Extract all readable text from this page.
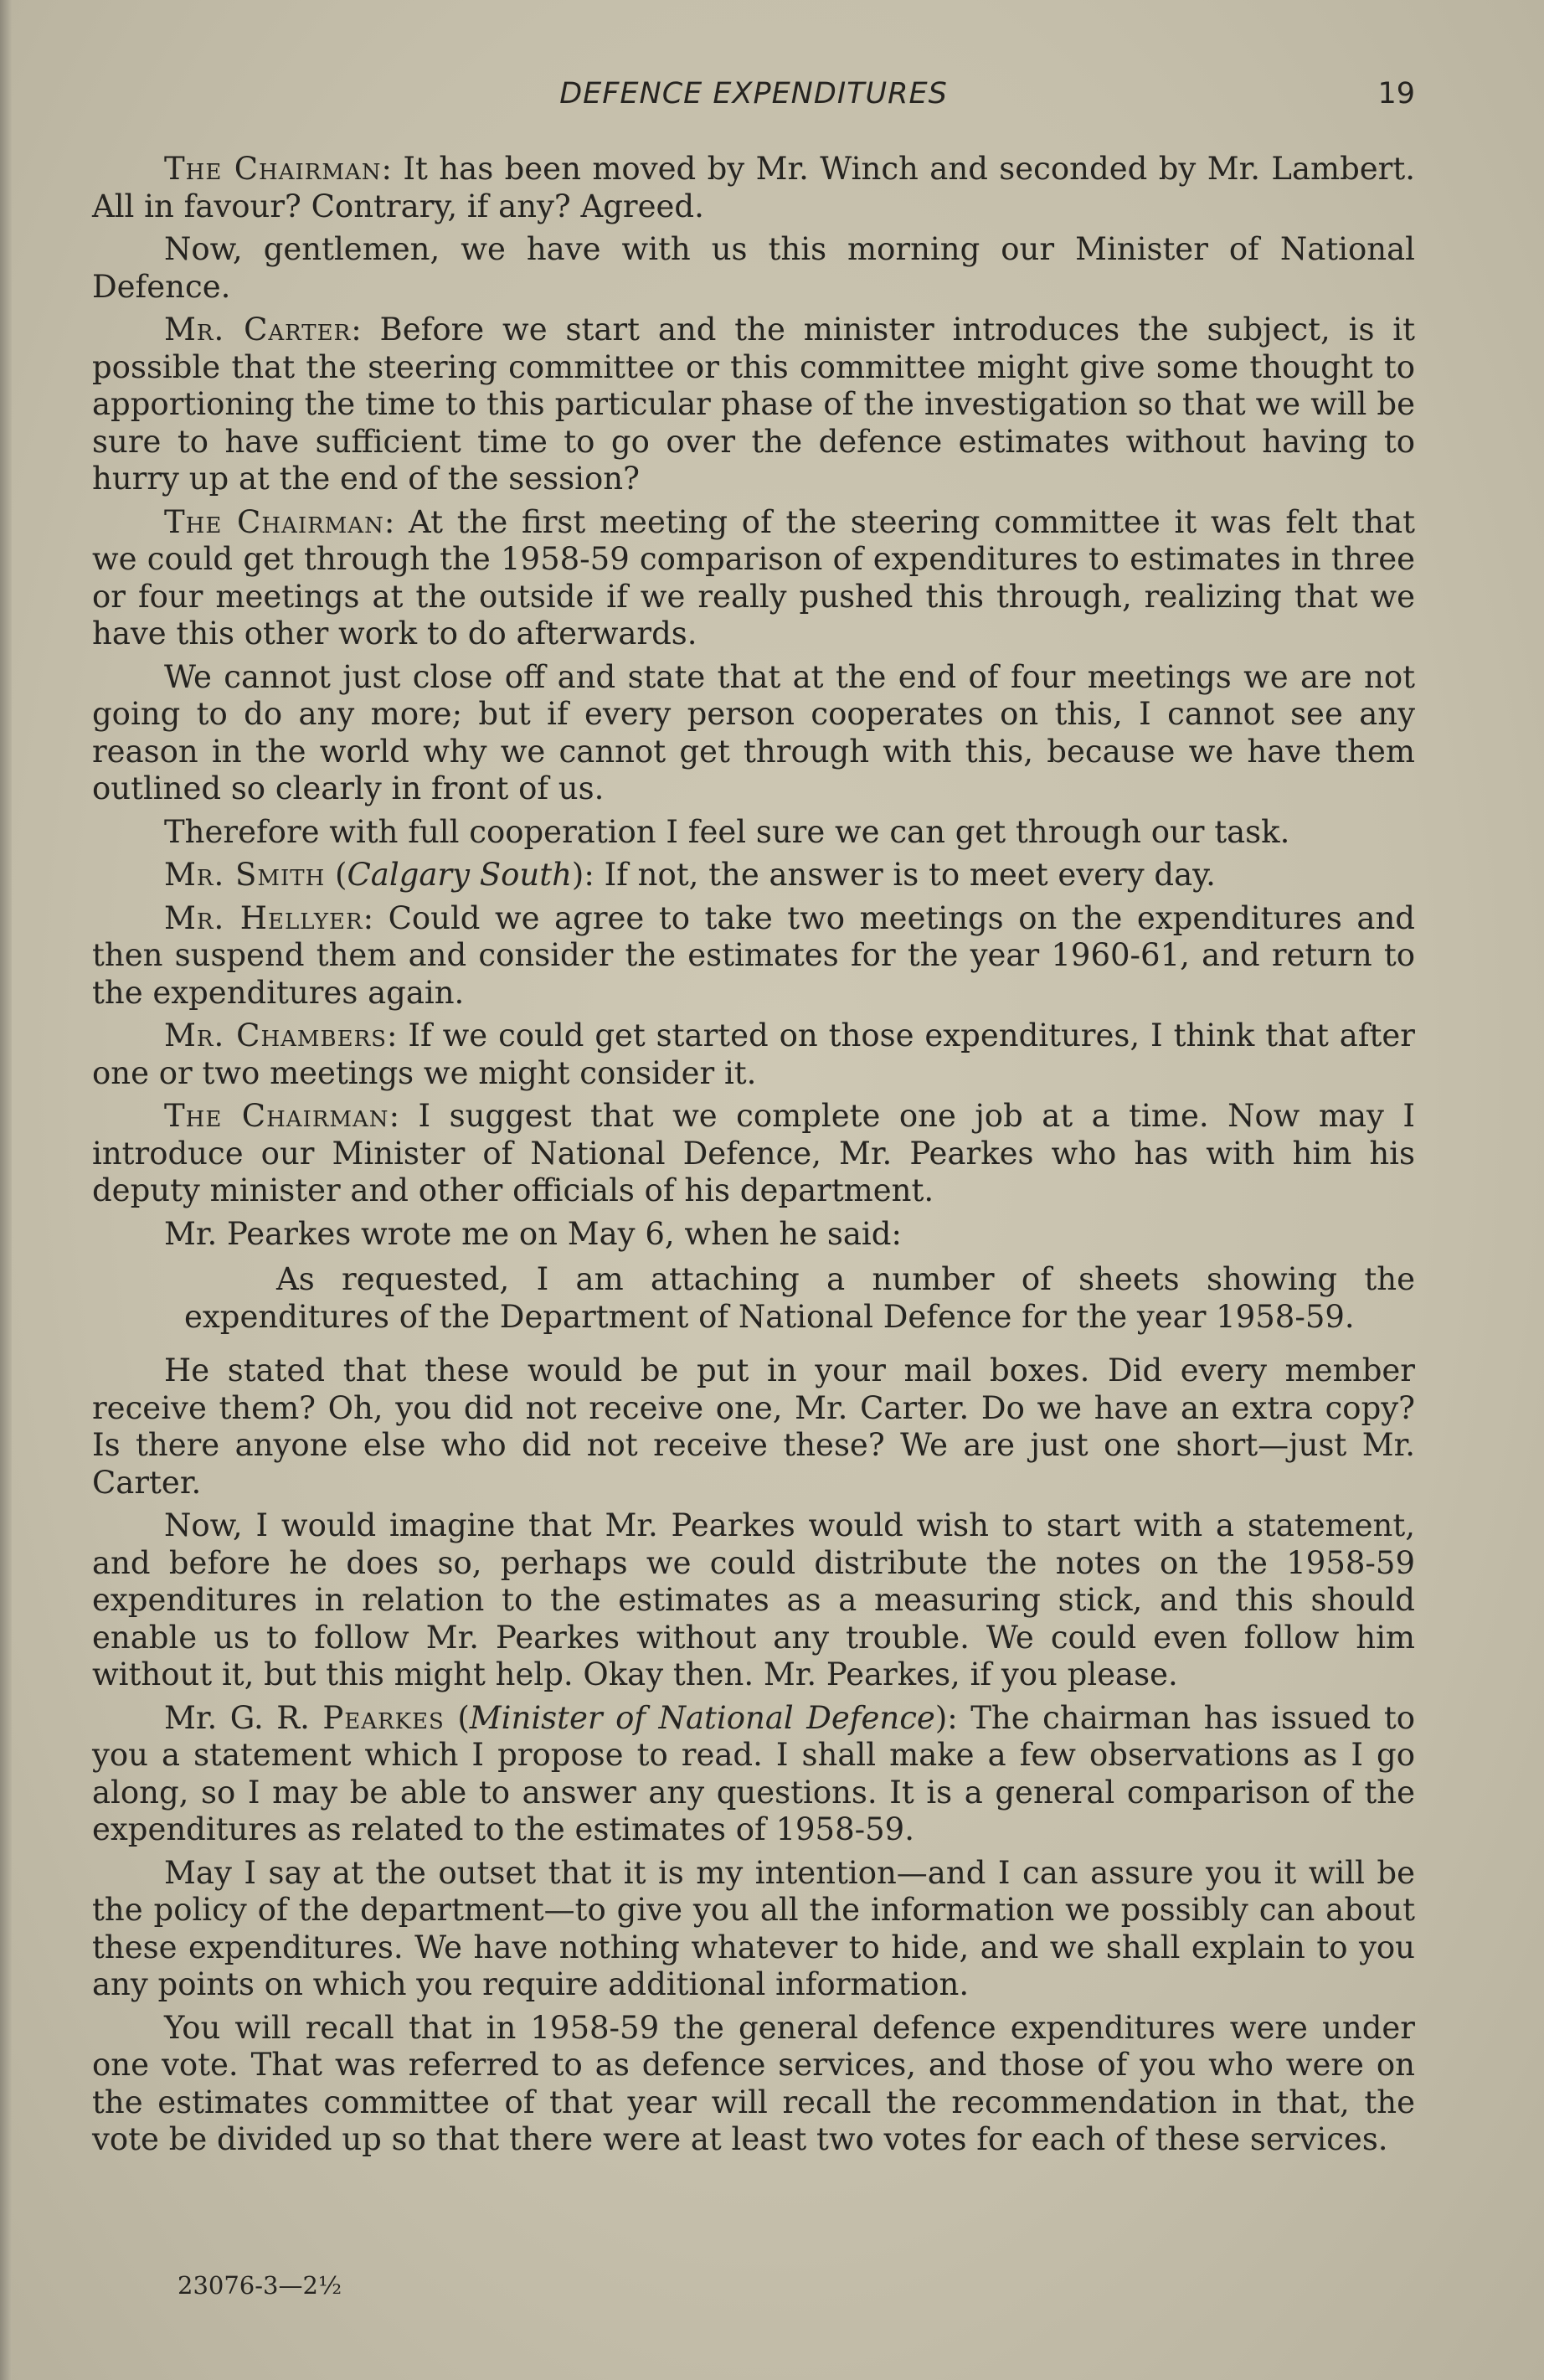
DEFENCE EXPENDITURES	19

The Chairman: It has been moved by Mr. Winch and seconded by Mr. Lambert. All in favour? Contrary, if any? Agreed.

Now, gentlemen, we have with us this morning our Minister of National Defence.

Mr. Carter: Before we start and the minister introduces the subject, is it possible that the steering committee or this committee might give some thought to apportioning the time to this particular phase of the investigation so that we will be sure to have sufficient time to go over the defence estimates without having to hurry up at the end of the session?

The Chairman: At the first meeting of the steering committee it was felt that we could get through the 1958-59 comparison of expenditures to estimates in three or four meetings at the outside if we really pushed this through, realizing that we have this other work to do afterwards.

We cannot just close off and state that at the end of four meetings we are not going to do any more; but if every person cooperates on this, I cannot see any reason in the world why we cannot get through with this, because we have them outlined so clearly in front of us.

Therefore with full cooperation I feel sure we can get through our task.

Mr. Smith (Calgary South): If not, the answer is to meet every day.

Mr. Hellyer: Could we agree to take two meetings on the expenditures and then suspend them and consider the estimates for the year 1960-61, and return to the expenditures again.

Mr. Chambers: If we could get started on those expenditures, I think that after one or two meetings we might consider it.

The Chairman: I suggest that we complete one job at a time. Now may I introduce our Minister of National Defence, Mr. Pearkes who has with him his deputy minister and other officials of his department.

Mr. Pearkes wrote me on May 6, when he said:

As requested, I am attaching a number of sheets showing the expenditures of the Department of National Defence for the year 1958-59.

He stated that these would be put in your mail boxes. Did every member receive them? Oh, you did not receive one, Mr. Carter. Do we have an extra copy? Is there anyone else who did not receive these? We are just one short—just Mr. Carter.

Now, I would imagine that Mr. Pearkes would wish to start with a statement, and before he does so, perhaps we could distribute the notes on the 1958-59 expenditures in relation to the estimates as a measuring stick, and this should enable us to follow Mr. Pearkes without any trouble. We could even follow him without it, but this might help. Okay then. Mr. Pearkes, if you please.

Mr. G. R. Pearkes (Minister of National Defence): The chairman has issued to you a statement which I propose to read. I shall make a few observations as I go along, so I may be able to answer any questions. It is a general comparison of the expenditures as related to the estimates of 1958-59.

May I say at the outset that it is my intention—and I can assure you it will be the policy of the department—to give you all the information we possibly can about these expenditures. We have nothing whatever to hide, and we shall explain to you any points on which you require additional information.

You will recall that in 1958-59 the general defence expenditures were under one vote. That was referred to as defence services, and those of you who were on the estimates committee of that year will recall the recommendation in that, the vote be divided up so that there were at least two votes for each of these services.

23076-3—2½
